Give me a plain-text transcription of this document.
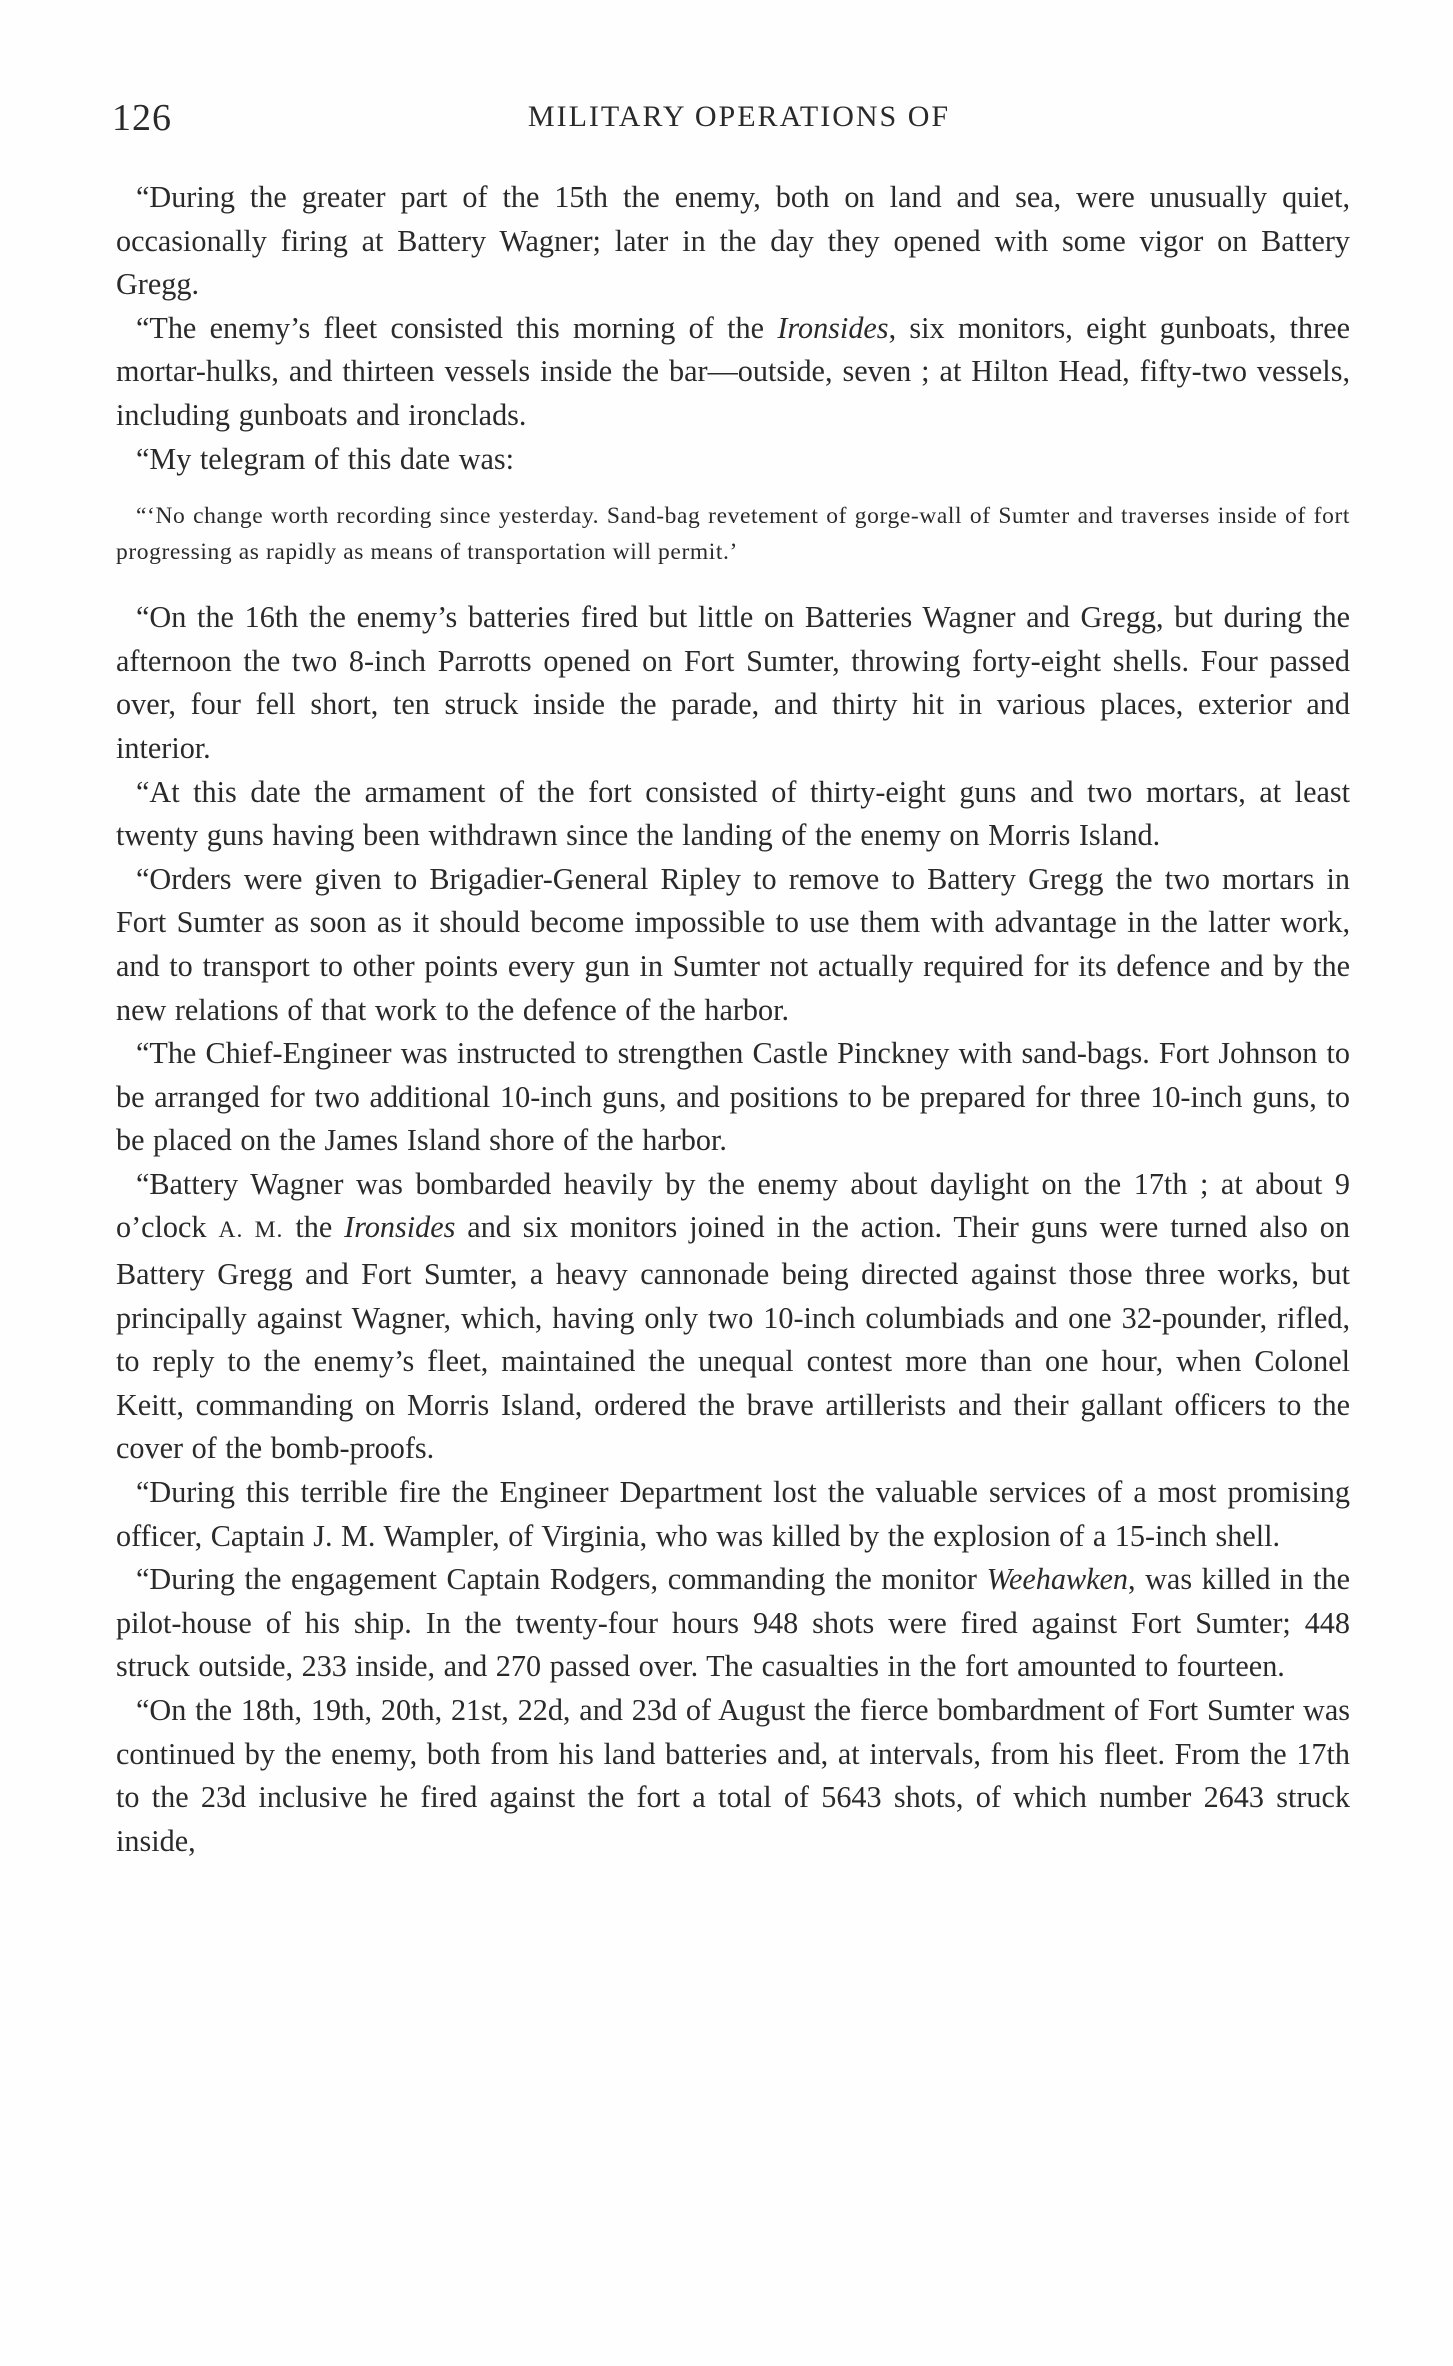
126	MILITARY OPERATIONS OF

“During the greater part of the 15th the enemy, both on land and sea, were unusually quiet, occasionally firing at Battery Wagner; later in the day they opened with some vigor on Battery Gregg.

“The enemy’s fleet consisted this morning of the Ironsides, six monitors, eight gunboats, three mortar-hulks, and thirteen vessels inside the bar—outside, seven ; at Hilton Head, fifty-two vessels, including gunboats and ironclads.

“My telegram of this date was:

“‘No change worth recording since yesterday. Sand-bag revetement of gorge-wall of Sumter and traverses inside of fort progressing as rapidly as means of transportation will permit.’

“On the 16th the enemy’s batteries fired but little on Batteries Wagner and Gregg, but during the afternoon the two 8-inch Parrotts opened on Fort Sumter, throwing forty-eight shells. Four passed over, four fell short, ten struck inside the parade, and thirty hit in various places, exterior and interior.

“At this date the armament of the fort consisted of thirty-eight guns and two mortars, at least twenty guns having been withdrawn since the landing of the enemy on Morris Island.

“Orders were given to Brigadier-General Ripley to remove to Battery Gregg the two mortars in Fort Sumter as soon as it should become impossible to use them with advantage in the latter work, and to transport to other points every gun in Sumter not actually required for its defence and by the new relations of that work to the defence of the harbor.

“The Chief-Engineer was instructed to strengthen Castle Pinckney with sand-bags. Fort Johnson to be arranged for two additional 10-inch guns, and positions to be prepared for three 10-inch guns, to be placed on the James Island shore of the harbor.

“Battery Wagner was bombarded heavily by the enemy about daylight on the 17th ; at about 9 o’clock A. M. the Ironsides and six monitors joined in the action. Their guns were turned also on Battery Gregg and Fort Sumter, a heavy cannonade being directed against those three works, but principally against Wagner, which, having only two 10-inch columbiads and one 32-pounder, rifled, to reply to the enemy’s fleet, maintained the unequal contest more than one hour, when Colonel Keitt, commanding on Morris Island, ordered the brave artillerists and their gallant officers to the cover of the bomb-proofs.

“During this terrible fire the Engineer Department lost the valuable services of a most promising officer, Captain J. M. Wampler, of Virginia, who was killed by the explosion of a 15-inch shell.

“During the engagement Captain Rodgers, commanding the monitor Weehawken, was killed in the pilot-house of his ship. In the twenty-four hours 948 shots were fired against Fort Sumter; 448 struck outside, 233 inside, and 270 passed over. The casualties in the fort amounted to fourteen.

“On the 18th, 19th, 20th, 21st, 22d, and 23d of August the fierce bombardment of Fort Sumter was continued by the enemy, both from his land batteries and, at intervals, from his fleet. From the 17th to the 23d inclusive he fired against the fort a total of 5643 shots, of which number 2643 struck inside,
